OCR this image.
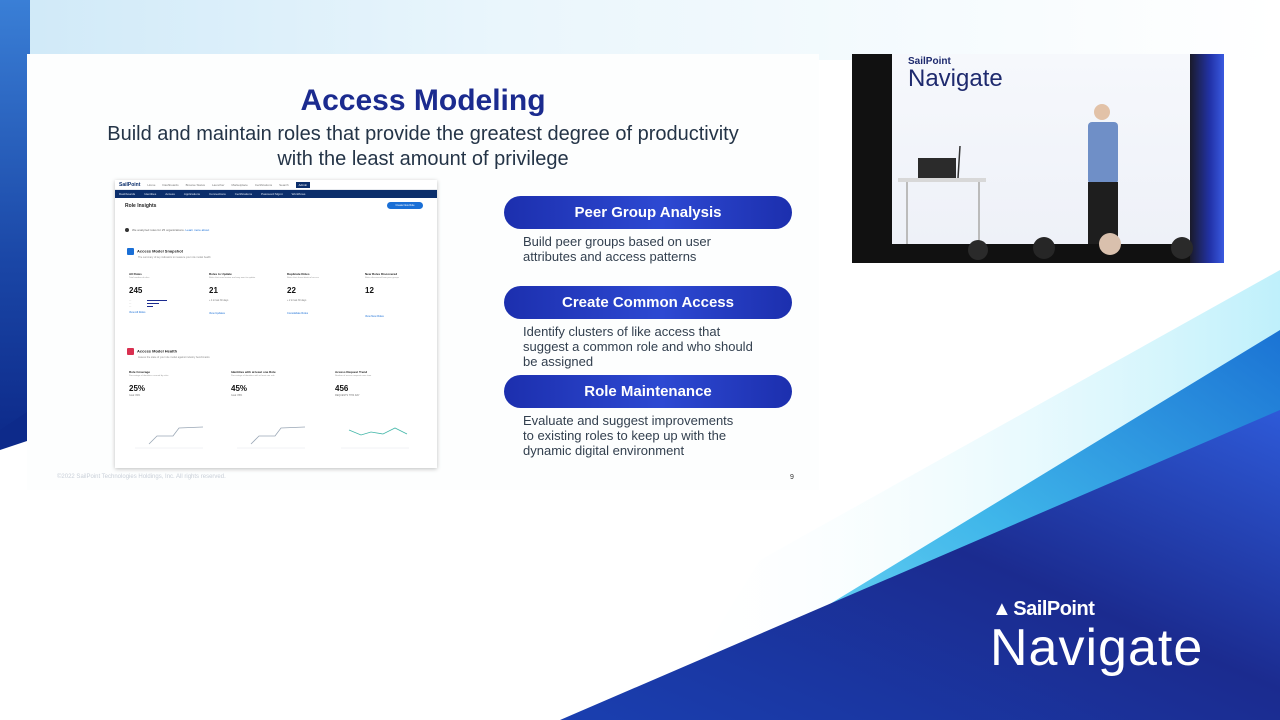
Access Modeling
Build and maintain roles that provide the greatest degree of productivity
with the least amount of privilege
SailPoint Home Dashboards Browse Status Launcher Marketplace Certifications Search	Admin
Dashboards	Identities	Access	Applications	Connections	Certifications	Password Mgmt	Workflows
Role Insights	Create New Role
We analyzed roles for 25 organizations. Learn more about
Access Model Snapshot
The summary of key indicators to measure your role model health
All Roles
Total number of roles
245
—
—
—
View All Roles
Roles to Update
Roles that need review and may want to update
21
+ 4 in last 30 days
View Updates
Duplicate Roles
Roles that share identical access
22
+ 2 in last 30 days
Consolidate Roles
New Roles Discovered
Roles discovered from peer groups
12
View New Roles
Access Model Health
Assess the state of your role model against industry benchmarks
Role Coverage
Percentage of identities covered by roles
25%
Goal: 80%
Identities with at least one Role
Percentage of identities with at least one role
45%
Goal: 85%
Access Request Trend
Number of access requests over time
456
REQUESTS THIS DAY
Peer Group Analysis
Build peer groups based on user
attributes and access patterns
Create Common Access
Identify clusters of like access that
suggest a common role and who should
be assigned
Role Maintenance
Evaluate and suggest improvements
to existing roles to keep up with the
dynamic digital environment
©2022 SailPoint Technologies Holdings, Inc. All rights reserved.	9
SailPoint
Navigate
▲ SailPoint
Navigate
